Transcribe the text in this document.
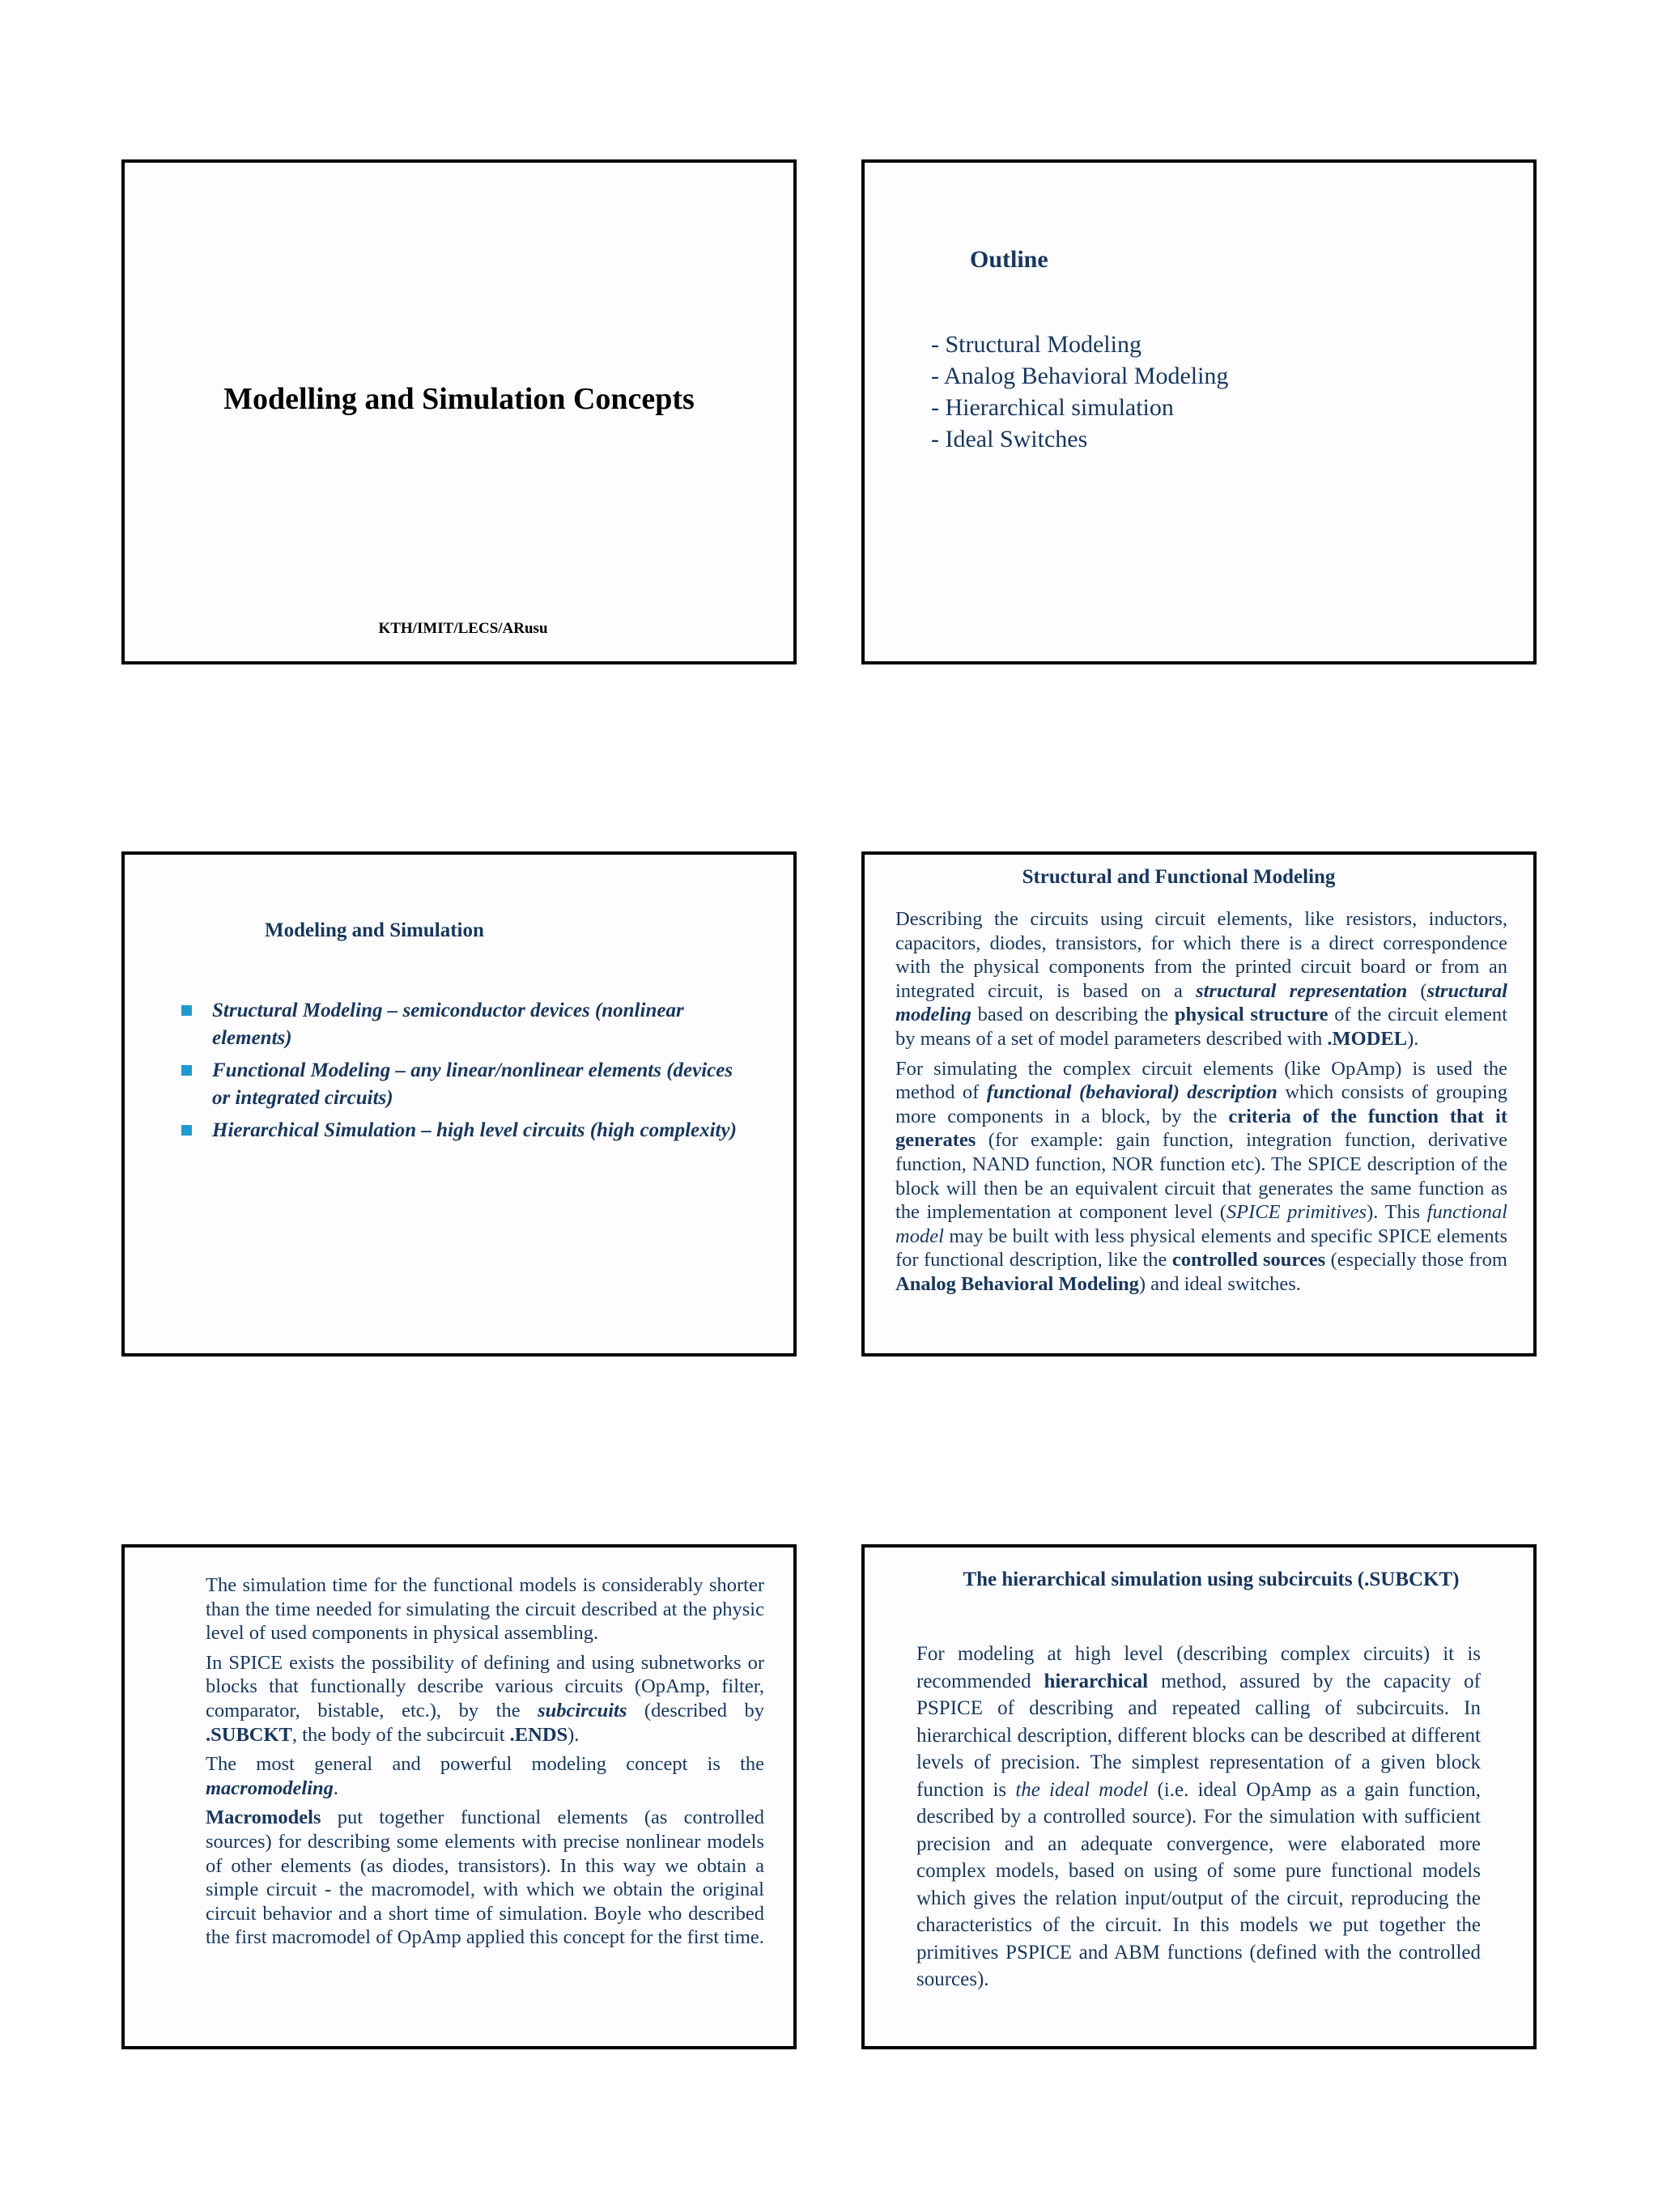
Modelling and Simulation Concepts
KTH/IMIT/LECS/ARusu
Outline
- Structural Modeling
- Analog Behavioral Modeling
- Hierarchical simulation
- Ideal Switches
Modeling and Simulation
Structural Modeling – semiconductor devices (nonlinear elements)
Functional Modeling – any linear/nonlinear elements (devices or integrated circuits)
Hierarchical Simulation – high level circuits (high complexity)
Structural and Functional Modeling

Describing the circuits using circuit elements, like resistors, inductors, capacitors, diodes, transistors, for which there is a direct correspondence with the physical components from the printed circuit board or from an integrated circuit, is based on a structural representation (structural modeling based on describing the physical structure of the circuit element by means of a set of model parameters described with .MODEL).

For simulating the complex circuit elements (like OpAmp) is used the method of functional (behavioral) description which consists of grouping more components in a block, by the criteria of the function that it generates (for example: gain function, integration function, derivative function, NAND function, NOR function etc). The SPICE description of the block will then be an equivalent circuit that generates the same function as the implementation at component level (SPICE primitives). This functional model may be built with less physical elements and specific SPICE elements for functional description, like the controlled sources (especially those from Analog Behavioral Modeling) and ideal switches.

The simulation time for the functional models is considerably shorter than the time needed for simulating the circuit described at the physic level of used components in physical assembling.

In SPICE exists the possibility of defining and using subnetworks or blocks that functionally describe various circuits (OpAmp, filter, comparator, bistable, etc.), by the subcircuits (described by .SUBCKT, the body of the subcircuit .ENDS).

The most general and powerful modeling concept is the macromodeling.

Macromodels put together functional elements (as controlled sources) for describing some elements with precise nonlinear models of other elements (as diodes, transistors). In this way we obtain a simple circuit - the macromodel, with which we obtain the original circuit behavior and a short time of simulation. Boyle who described the first macromodel of OpAmp applied this concept for the first time.

The hierarchical simulation using subcircuits (.SUBCKT)

For modeling at high level (describing complex circuits) it is recommended hierarchical method, assured by the capacity of PSPICE of describing and repeated calling of subcircuits. In hierarchical description, different blocks can be described at different levels of precision. The simplest representation of a given block function is the ideal model (i.e. ideal OpAmp as a gain function, described by a controlled source). For the simulation with sufficient precision and an adequate convergence, were elaborated more complex models, based on using of some pure functional models which gives the relation input/output of the circuit, reproducing the characteristics of the circuit. In this models we put together the primitives PSPICE and ABM functions (defined with the controlled sources).
